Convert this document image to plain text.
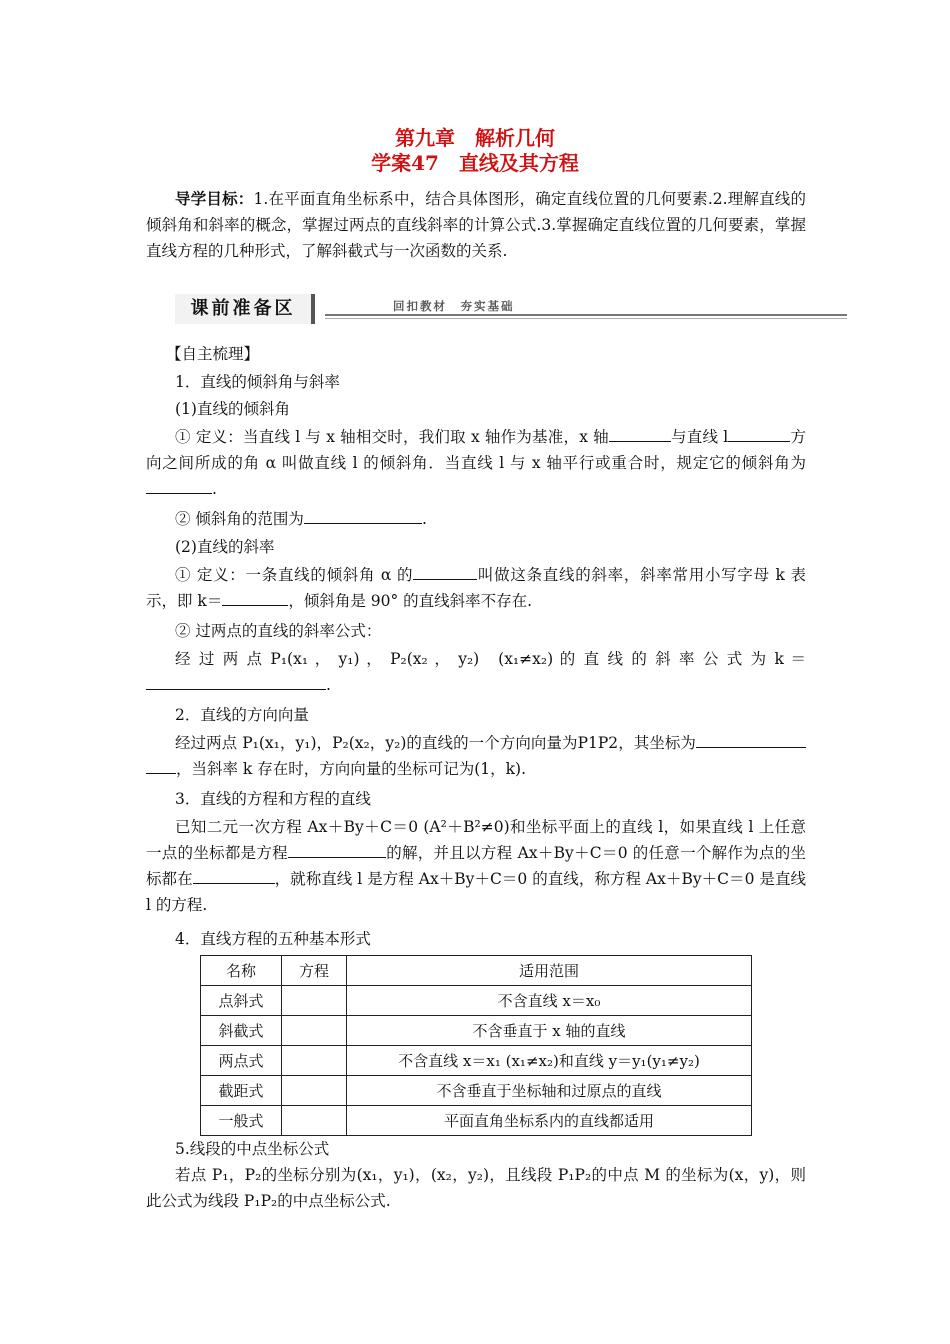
第九章　解析几何
学案47　直线及其方程

导学目标：1.在平面直角坐标系中，结合具体图形，确定直线位置的几何要素.2.理解直线的倾斜角和斜率的概念，掌握过两点的直线斜率的计算公式.3.掌握确定直线位置的几何要素，掌握直线方程的几种形式，了解斜截式与一次函数的关系.

课前准备区	回扣教材　夯实基础

【自主梳理】

1．直线的倾斜角与斜率

(1)直线的倾斜角

① 定义：当直线 l 与 x 轴相交时，我们取 x 轴作为基准，x 轴	与直线 l	方向之间所成的角 α 叫做直线 l 的倾斜角．当直线 l 与 x 轴平行或重合时，规定它的倾斜角为.

② 倾斜角的范围为	.

(2)直线的斜率

① 定义：一条直线的倾斜角 α 的	叫做这条直线的斜率，斜率常用小写字母 k 表示，即 k＝	，倾斜角是 90° 的直线斜率不存在.

② 过两点的直线的斜率公式：

经 过 两 点 P₁(x₁ ， y₁) ， P₂(x₂ ， y₂)　(x₁≠x₂) 的 直 线 的 斜 率 公 式 为 k ＝.

2．直线的方向向量

经过两点 P₁(x₁，y₁)，P₂(x₂，y₂)的直线的一个方向向量为P1P2，其坐标为，当斜率 k 存在时，方向向量的坐标可记为(1，k).

3．直线的方程和方程的直线

已知二元一次方程 Ax＋By＋C＝0 (A²＋B²≠0)和坐标平面上的直线 l，如果直线 l 上任意一点的坐标都是方程	的解，并且以方程 Ax＋By＋C＝0 的任意一个解作为点的坐标都在	，就称直线 l 是方程 Ax＋By＋C＝0 的直线，称方程 Ax＋By＋C＝0 是直线 l 的方程.

4．直线方程的五种基本形式

名称	方程	适用范围
点斜式		不含直线 x＝x₀
斜截式		不含垂直于 x 轴的直线
两点式		不含直线 x＝x₁ (x₁≠x₂)和直线 y＝y₁(y₁≠y₂)
截距式		不含垂直于坐标轴和过原点的直线
一般式		平面直角坐标系内的直线都适用

5.线段的中点坐标公式

若点 P₁，P₂的坐标分别为(x₁，y₁)，(x₂，y₂)，且线段 P₁P₂的中点 M 的坐标为(x，y)，则此公式为线段 P₁P₂的中点坐标公式.
